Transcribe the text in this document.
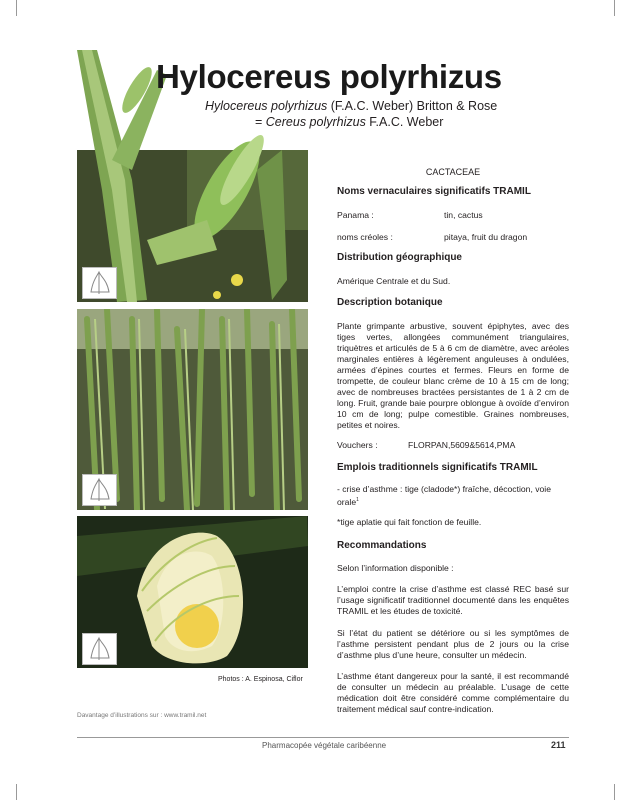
Photos : A. Espinosa, Ciflor
Davantage d’illustrations sur : www.tramil.net
Hylocereus polyrhizus
Hylocereus polyrhizus (F.A.C. Weber) Britton & Rose
= Cereus polyrhizus F.A.C. Weber
CACTACEAE
Noms vernaculaires significatifs TRAMIL
Panama :	tin, cactus
noms créoles :	pitaya, fruit du dragon
Distribution géographique
Amérique Centrale et du Sud.
Description botanique
Plante grimpante arbustive, souvent épiphytes, avec des tiges vertes, allongées communément triangulaires, triquètres et articulés de 5 à 6 cm de diamètre, avec aréoles marginales entières à légèrement anguleuses à ondulées, armées d’épines courtes et fermes. Fleurs en forme de trompette, de couleur blanc crème de 10 à 15 cm de long; avec de nombreuses bractées persistantes de 1 à 2 cm de long. Fruit, grande baie pourpre oblongue à ovoïde d’environ 10 cm de long; pulpe comestible. Graines nombreuses, petites et noires.
Vouchers :	FLORPAN,5609&5614,PMA
Emplois traditionnels significatifs TRAMIL
- crise d’asthme : tige (cladode*) fraîche, décoction, voie orale$^1$
*tige aplatie qui fait fonction de feuille.
Recommandations
Selon l’information disponible :
L’emploi contre la crise d’asthme est classé REC basé sur l’usage significatif traditionnel documenté dans les enquêtes TRAMIL et les études de toxicité.
Si l’état du patient se détériore ou si les symptômes de l’asthme persistent pendant plus de 2 jours ou la crise d’asthme plus d’une heure, consulter un médecin.
L’asthme étant dangereux pour la santé, il est recommandé de consulter un médecin au préalable. L’usage de cette médication doit être considéré comme complémentaire du traitement médical sauf contre-indication.
Pharmacopée végétale caribéenne	211
